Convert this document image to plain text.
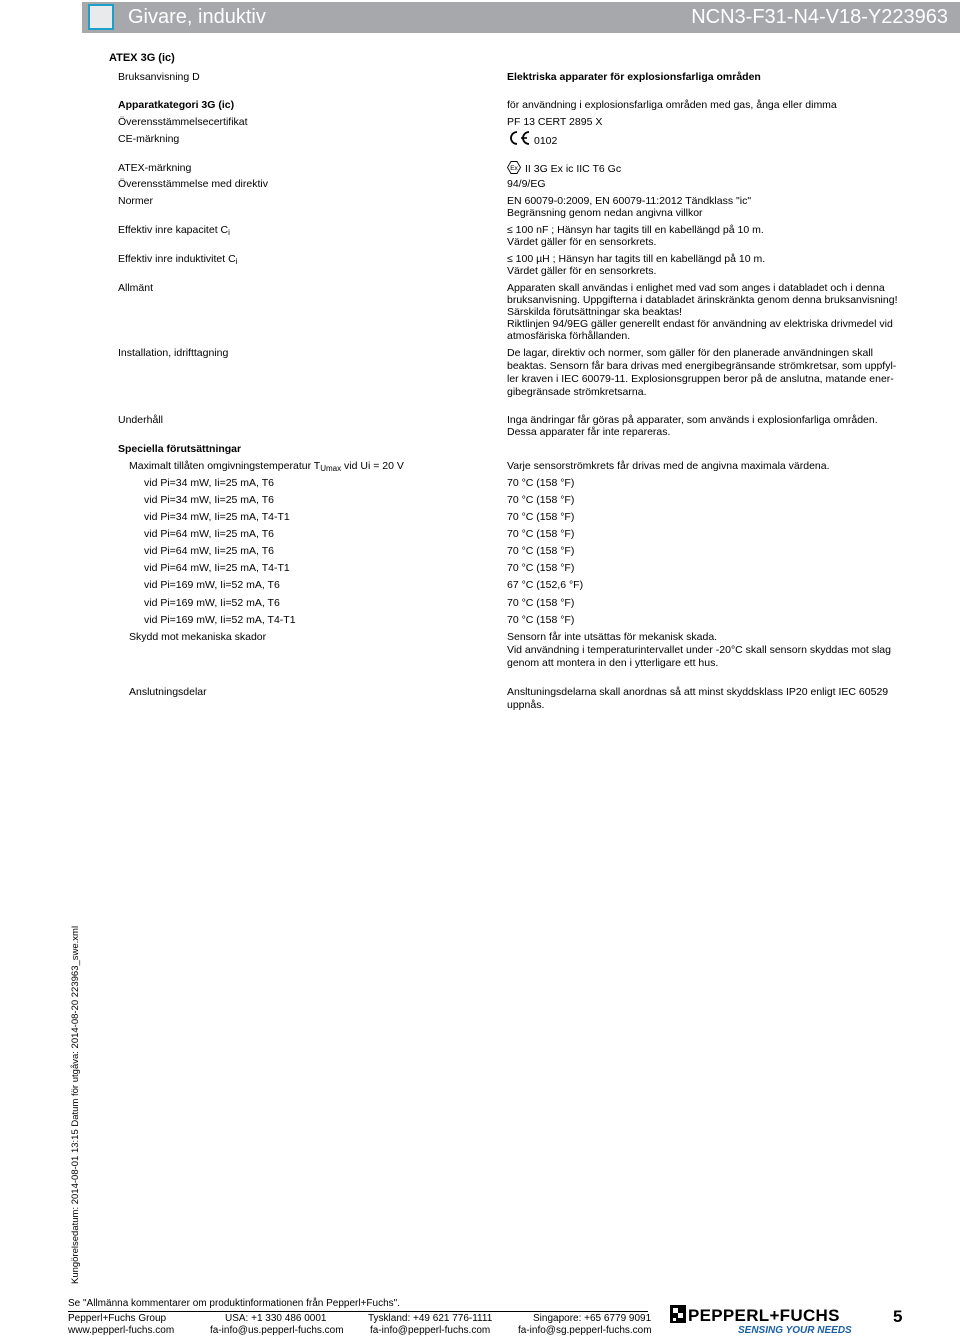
Givare, induktiv	NCN3-F31-N4-V18-Y223963
ATEX 3G (ic)
Bruksanvisning D	Elektriska apparater för explosionsfarliga områden
Apparatkategori 3G (ic)	för användning i explosionsfarliga områden med gas, ånga eller dimma
Överensstämmelsecertifikat	PF 13 CERT 2895 X
CE-märkning	0102
ATEX-märkning	Ex II 3G Ex ic IIC T6 Gc
Överensstämmelse med direktiv	94/9/EG
Normer	EN 60079-0:2009, EN 60079-11:2012 Tändklass "ic"
Begränsning genom nedan angivna villkor
Effektiv inre kapacitet $C_i$	≤ 100 nF ; Hänsyn har tagits till en kabellängd på 10 m.
Värdet gäller för en sensorkrets.
Effektiv inre induktivitet $C_i$	≤ 100 µH ; Hänsyn har tagits till en kabellängd på 10 m.
Värdet gäller för en sensorkrets.
Allmänt	Apparaten skall användas i enlighet med vad som anges i databladet och i denna
bruksanvisning. Uppgifterna i databladet ärinskränkta genom denna bruksanvisning!
Särskilda förutsättningar ska beaktas!
Riktlinjen 94/9EG gäller generellt endast för användning av elektriska drivmedel vid
atmosfäriska förhållanden.
Installation, idrifttagning	De lagar, direktiv och normer, som gäller för den planerade användningen skall
beaktas. Sensorn får bara drivas med energibegränsande strömkretsar, som uppfyl-
ler kraven i IEC 60079-11. Explosionsgruppen beror på de anslutna, matande ener-
gibegränsade strömkretsarna.
Underhåll	Inga ändringar får göras på apparater, som används i explosionfarliga områden.
Dessa apparater får inte repareras.
Speciella förutsättningar
Maximalt tillåten omgivningstemperatur $T_{Umax}$ vid Ui = 20 V	Varje sensorströmkrets får drivas med de angivna maximala värdena.
vid Pi=34 mW, Ii=25 mA, T6	70 °C (158 °F)
vid Pi=34 mW, Ii=25 mA, T6	70 °C (158 °F)
vid Pi=34 mW, Ii=25 mA, T4-T1	70 °C (158 °F)
vid Pi=64 mW, Ii=25 mA, T6	70 °C (158 °F)
vid Pi=64 mW, Ii=25 mA, T6	70 °C (158 °F)
vid Pi=64 mW, Ii=25 mA, T4-T1	70 °C (158 °F)
vid Pi=169 mW, Ii=52 mA, T6	67 °C (152,6 °F)
vid Pi=169 mW, Ii=52 mA, T6	70 °C (158 °F)
vid Pi=169 mW, Ii=52 mA, T4-T1	70 °C (158 °F)
Skydd mot mekaniska skador	Sensorn får inte utsättas för mekanisk skada.
Vid användning i temperaturintervallet under -20°C skall sensorn skyddas mot slag
genom att montera in den i ytterligare ett hus.
Anslutningsdelar	Ansltuningsdelarna skall anordnas så att minst skyddsklass IP20 enligt IEC 60529
uppnås.
Kungörelsedatum: 2014-08-01 13:15 Datum för utgåva: 2014-08-20 223963_swe.xml
Se "Allmänna kommentarer om produktinformationen från Pepperl+Fuchs".
Pepperl+Fuchs Group
www.pepperl-fuchs.com
USA: +1 330 486 0001
fa-info@us.pepperl-fuchs.com
Tyskland: +49 621 776-1111
fa-info@pepperl-fuchs.com
Singapore: +65 6779 9091
fa-info@sg.pepperl-fuchs.com
PEPPERL+FUCHS
SENSING YOUR NEEDS
5
